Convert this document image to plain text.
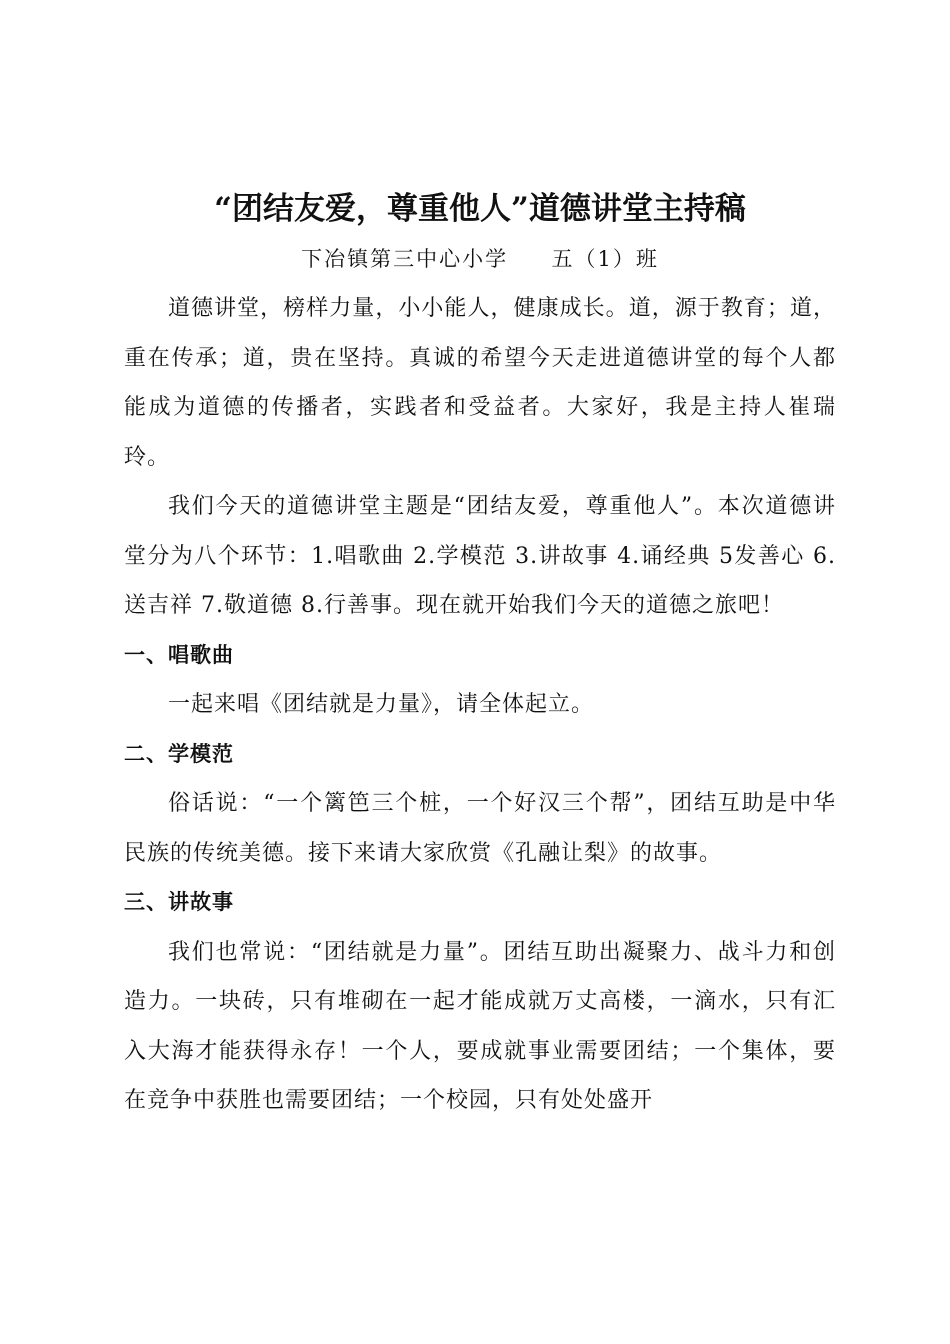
“团结友爱，尊重他人”道德讲堂主持稿

下冶镇第三中心小学     五（1）班

道德讲堂，榜样力量，小小能人，健康成长。道，源于教育；道，重在传承；道，贵在坚持。真诚的希望今天走进道德讲堂的每个人都能成为道德的传播者，实践者和受益者。大家好，我是主持人崔瑞玲。

我们今天的道德讲堂主题是“团结友爱，尊重他人”。本次道德讲堂分为八个环节：1.唱歌曲 2.学模范 3.讲故事 4.诵经典 5发善心 6.送吉祥 7.敬道德 8.行善事。现在就开始我们今天的道德之旅吧！

一、唱歌曲

一起来唱《团结就是力量》，请全体起立。

二、学模范

俗话说：“一个篱笆三个桩，一个好汉三个帮”，团结互助是中华民族的传统美德。接下来请大家欣赏《孔融让梨》的故事。

三、讲故事

我们也常说：“团结就是力量”。团结互助出凝聚力、战斗力和创造力。一块砖，只有堆砌在一起才能成就万丈高楼，一滴水，只有汇入大海才能获得永存！一个人，要成就事业需要团结；一个集体，要在竞争中获胜也需要团结；一个校园，只有处处盛开
